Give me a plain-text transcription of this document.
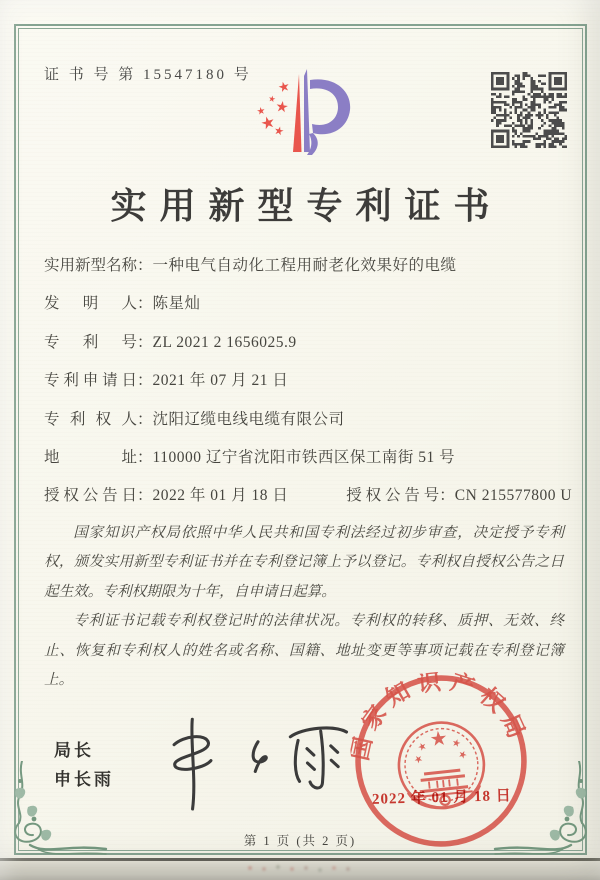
证 书 号 第 15547180 号
实用新型专利证书
实用新型名称：一种电气自动化工程用耐老化效果好的电缆
发明人：陈星灿
专利号：ZL 2021 2 1656025.9
专利申请日：2021 年 07 月 21 日
专利权人：沈阳辽缆电线电缆有限公司
地址：110000 辽宁省沈阳市铁西区保工南街 51 号
授权公告日：2022 年 01 月 18 日	授权公告号：CN 215577800 U

国家知识产权局依照中华人民共和国专利法经过初步审查，决定授予专利权，颁发实用新型专利证书并在专利登记簿上予以登记。专利权自授权公告之日起生效。专利权期限为十年，自申请日起算。

专利证书记载专利权登记时的法律状况。专利权的转移、质押、无效、终止、恢复和专利权人的姓名或名称、国籍、地址变更等事项记载在专利登记簿上。

局长
申长雨
国家知识产权局
2022 年 01 月 18 日
第 1 页 (共 2 页)
